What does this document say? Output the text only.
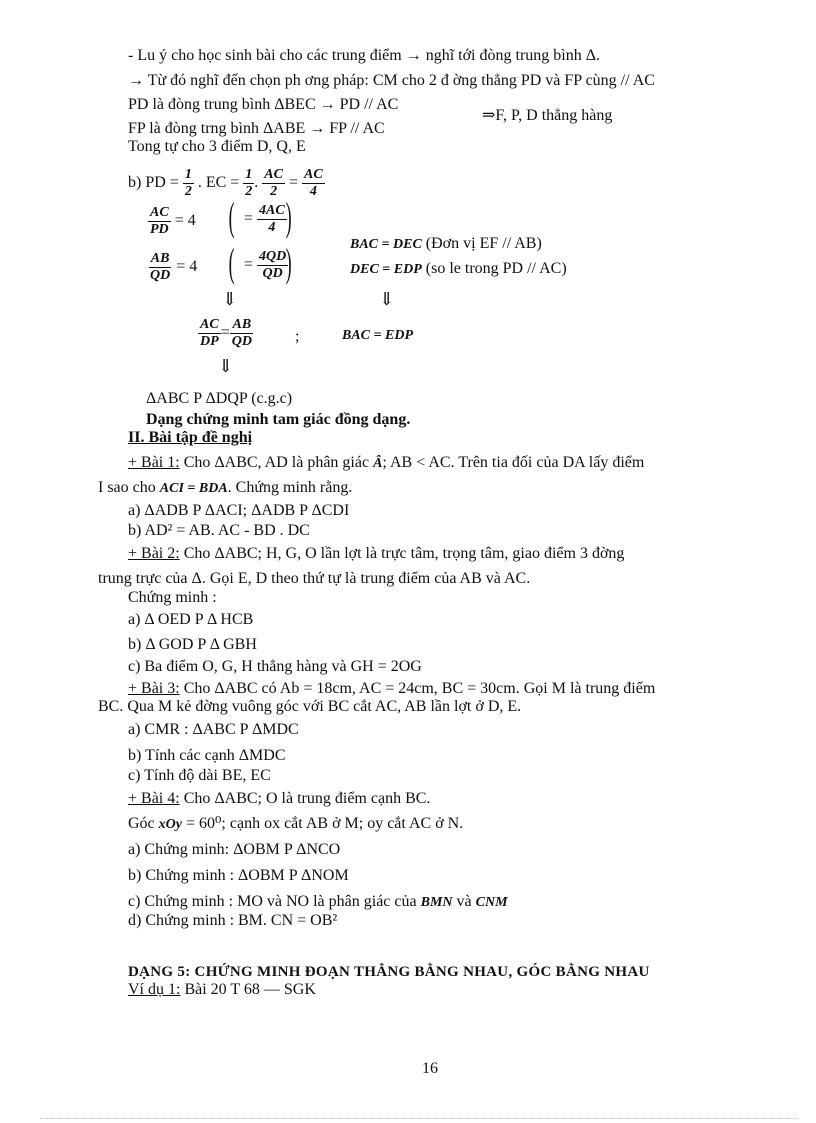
- Lu ý cho học sinh bài cho các trung điểm → nghĩ tới đòng trung bình Δ.
→ Từ đó nghĩ đến chọn ph ơng pháp: CM cho 2 đ ờng thẳng PD và FP cùng // AC
PD là đòng trung bình ΔBEC → PD // AC
⇒F, P, D thẳng hàng
FP là đòng trng bình ΔABE → FP // AC
Tong tự cho 3 điểm D, Q, E
b) PD = $\frac{1}{2}$ . EC = $\frac{1}{2}$ . $\frac{AC}{2} = \frac{AC}{4}$
$\frac{AC}{PD} = 4$ ( = $\frac{4AC}{4}$
)
$\frac{AB}{QD} = 4$ ( = $\frac{4QD}{QD}$
)	BAC = DEC (Đơn vị EF // AB)
DEC = EDP (so le trong PD // AC)
⇓	⇓
$\frac{AC}{DP} = \frac{AB}{QD}$	;	BAC = EDP
⇓
ΔABC P ΔDQP (c.g.c)
Dạng chứng minh tam giác đồng dạng.
II. Bài tập đề nghị
+ Bài 1: Cho ΔABC, AD là phân giác Â; AB < AC. Trên tia đối của DA lấy điểm
I sao cho ACI = BDA. Chứng minh rằng.
a) ΔADB P ΔACI; ΔADB P ΔCDI
b) AD² = AB. AC - BD . DC
+ Bài 2: Cho ΔABC; H, G, O lần lợt là trực tâm, trọng tâm, giao điểm 3 đờng
trung trực của Δ. Gọi E, D theo thứ tự là trung điểm của AB và AC.
Chứng minh :
a) Δ OED P Δ HCB
b) Δ GOD P Δ GBH
c) Ba điểm O, G, H thẳng hàng và GH = 2OG
+ Bài 3: Cho ΔABC có Ab = 18cm, AC = 24cm, BC = 30cm. Gọi M là trung điểm
BC. Qua M kẻ đờng vuông góc với BC cắt AC, AB lần lợt ở D, E.
a) CMR : ΔABC P ΔMDC
b) Tính các cạnh ΔMDC
c) Tính độ dài BE, EC
+ Bài 4: Cho ΔABC; O là trung điểm cạnh BC.
Góc xOy = 60⁰; cạnh ox cắt AB ở M; oy cắt AC ở N.
a) Chứng minh: ΔOBM P ΔNCO
b) Chứng minh : ΔOBM P ΔNOM
c) Chứng minh : MO và NO là phân giác của BMN và CNM
d) Chứng minh : BM. CN = OB²
DẠNG 5: CHỨNG MINH ĐOẠN THẲNG BẰNG NHAU, GÓC BẰNG NHAU
Ví dụ 1: Bài 20 T 68 — SGK
16
